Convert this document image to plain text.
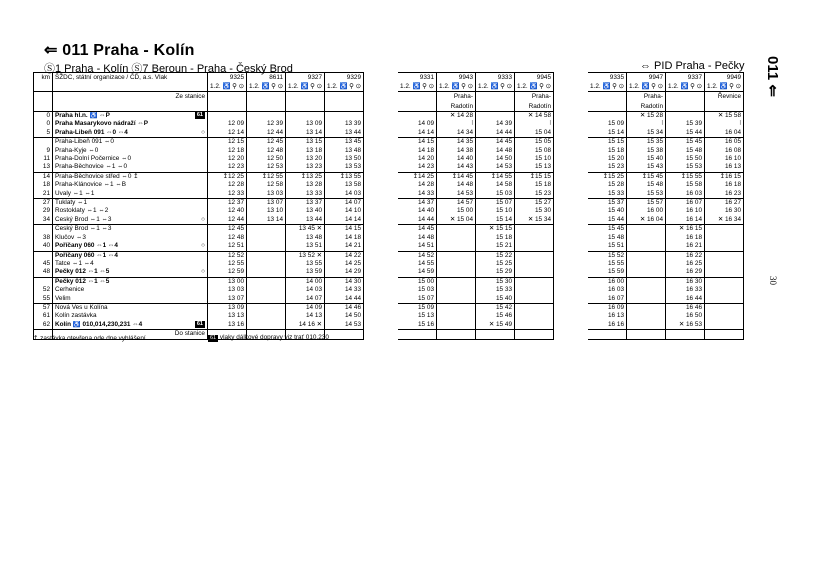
⇐ 011 Praha - Kolín
Ⓢ1 Praha - Kolín Ⓢ7 Beroun - Praha - Český Brod	⇔ PID Praha - Pečky 011 ⇐
30
km	ŠŽDC, státní organizace / ČD, a.s. Vlak	9325	8611	9327	9329		9331	9943	9333	9945		9335	9947	9337	9949
		1.2. ♿ ⚲ ⊙	1.2. ♿ ⚲ ⊙	1.2. ♿ ⚲ ⊙	1.2. ♿ ⚲ ⊙		1.2. ♿ ⚲ ⊙	1.2. ♿ ⚲ ⊙	1.2. ♿ ⚲ ⊙	1.2. ♿ ⚲ ⊙		1.2. ♿ ⚲ ⊙	1.2. ♿ ⚲ ⊙	1.2. ♿ ⚲ ⊙	1.2. ♿ ⚲ ⊙

	Ze stanice							Praha-		Praha-			Praha-		Řevnice
								Radotín		Radotín			Radotín		
0	Praha hl.n. ♿ ⇔P 61							✕ 14 28		✕ 14 58			✕ 15 28		✕ 15 58
0	Praha Masarykovo nádraží ⇔P	12 09	12 39	13 09	13 39		14 09	⦚	14 39	⦚		15 09	⦚	15 39	⦚
5	Praha-Libeň 091 ⇔0 ⇔4 ○	12 14	12 44	13 14	13 44		14 14	14 34	14 44	15 04		15 14	15 34	15 44	16 04
	Praha-Libeň 091 ⇔0	12 15	12 45	13 15	13 45		14 15	14 35	14 45	15 05		15 15	15 35	15 45	16 05
9	Praha-Kyje ⇔0	12 18	12 48	13 18	13 48		14 18	14 38	14 48	15 08		15 18	15 38	15 48	16 08
11	Praha-Dolní Počernice ⇔0	12 20	12 50	13 20	13 50		14 20	14 40	14 50	15 10		15 20	15 40	15 50	16 10
13	Praha-Běchovice ⇔1 ⇔0	12 23	12 53	13 23	13 53		14 23	14 43	14 53	15 13		15 23	15 43	15 53	16 13
14	Praha-Běchovice střed ⇔0 ↥	↥12 25	↥12 55	↥13 25	↥13 55		↥14 25	↥14 45	↥14 55	↥15 15		↥15 25	↥15 45	↥15 55	↥16 15
18	Praha-Klánovice ⇔1 ⇔B	12 28	12 58	13 28	13 58		14 28	14 48	14 58	15 18		15 28	15 48	15 58	16 18
21	Úvaly ⇔1 ⇔1	12 33	13 03	13 33	14 03		14 33	14 53	15 03	15 23		15 33	15 53	16 03	16 23
27	Tuklaty ⇔1	12 37	13 07	13 37	14 07		14 37	14 57	15 07	15 27		15 37	15 57	16 07	16 27
29	Rostoklaty ⇔1 ⇔2	12 40	13 10	13 40	14 10		14 40	15 00	15 10	15 30		15 40	16 00	16 10	16 30
34	Český Brod ⇔1 ⇔3 ○	12 44	13 14	13 44	14 14		14 44	✕ 15 04	15 14	✕ 15 34		15 44	✕ 16 04	16 14	✕ 16 34
	Český Brod ⇔1 ⇔3	12 45		13 45 ✕	14 15		14 45		✕ 15 15			15 45		✕ 16 15	
38	Klučov ⇔3	12 48		13 48	14 18		14 48		15 18			15 48		16 18	
40	Poříčany 060 ⇔1 ⇔4 ○	12 51		13 51	14 21		14 51		15 21			15 51		16 21	
	Poříčany 060 ⇔1 ⇔4	12 52		13 52 ✕	14 22		14 52		15 22			15 52		16 22	
45	Tatce ⇔1 ⇔4	12 55		13 55	14 25		14 55		15 25			15 55		16 25	
48	Pečky 012 ⇔1 ⇔5 ○	12 59		13 59	14 29		14 59		15 29			15 59		16 29	
	Pečky 012 ⇔1 ⇔5	13 00		14 00	14 30		15 00		15 30			16 00		16 30	
52	Cerhenice	13 03		14 03	14 33		15 03		15 33			16 03		16 33	
55	Velim	13 07		14 07	14 44		15 07		15 40			16 07		16 44	
57	Nová Ves u Kolína	13 09		14 09	14 46		15 09		15 42			16 09		16 46	
61	Kolín zastávka	13 13		14 13	14 50		15 13		15 46			16 13		16 50	
62	Kolín ♿ 010,014,230,231 ⇔4 61	13 16		14 16 ✕	14 53		15 16		✕ 15 49			16 16		✕ 16 53	

	Do stanice														

↥ zastávka otevřena ode dne vyhlášení	61 vlaky dálkové dopravy viz trať 010,230
